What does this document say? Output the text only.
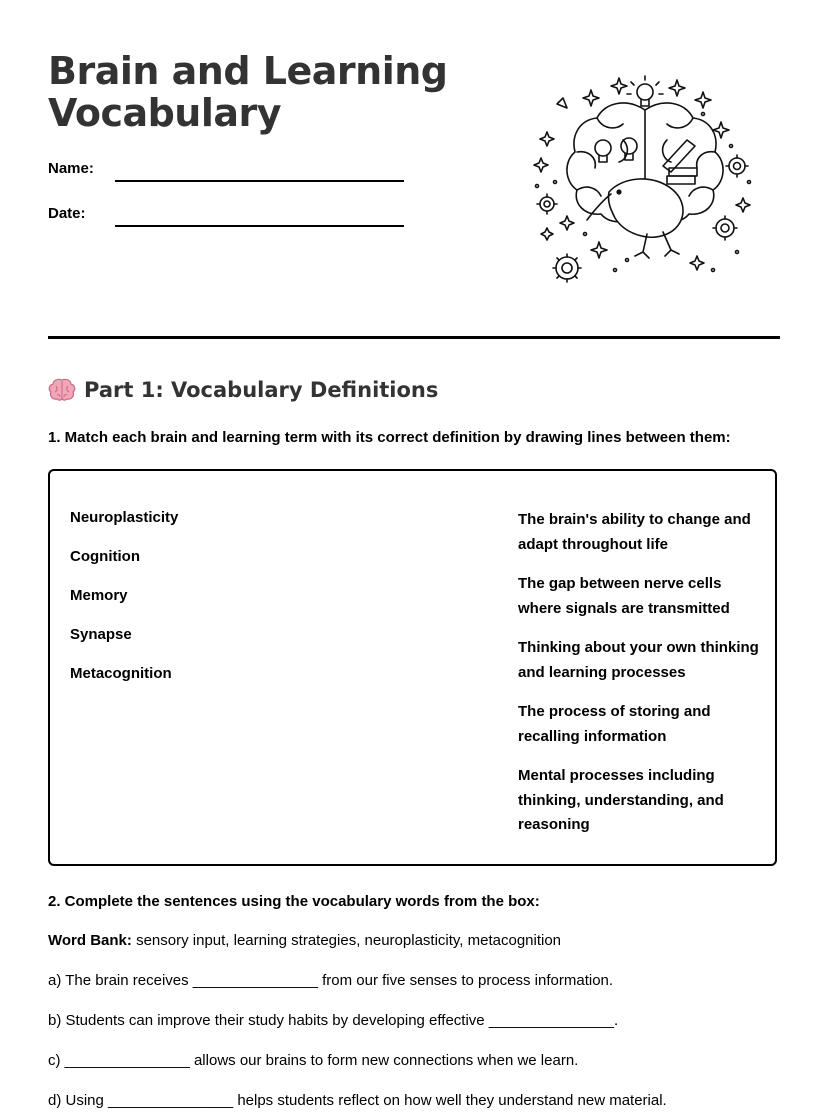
Brain and Learning
Vocabulary
Name:
Date:
Part 1: Vocabulary Definitions
1. Match each brain and learning term with its correct definition by drawing lines between them:
Neuroplasticity
Cognition
Memory
Synapse
Metacognition
The brain's ability to change and adapt throughout life
The gap between nerve cells where signals are transmitted
Thinking about your own thinking and learning processes
The process of storing and recalling information
Mental processes including thinking, understanding, and reasoning
2. Complete the sentences using the vocabulary words from the box:
Word Bank: sensory input, learning strategies, neuroplasticity, metacognition
a) The brain receives _______________ from our five senses to process information.
b) Students can improve their study habits by developing effective _______________.
c) _______________ allows our brains to form new connections when we learn.
d) Using _______________ helps students reflect on how well they understand new material.
